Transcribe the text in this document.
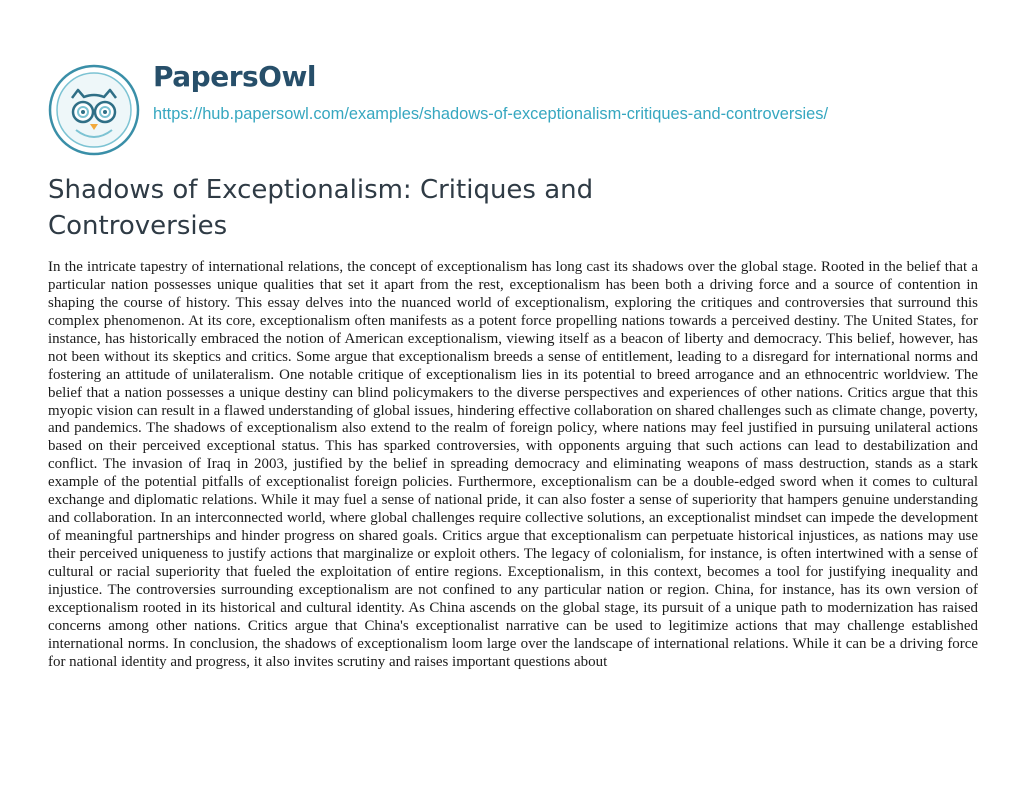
PapersOwl
https://hub.papersowl.com/examples/shadows-of-exceptionalism-critiques-and-controversies/
Shadows of Exceptionalism: Critiques and Controversies

In the intricate tapestry of international relations, the concept of exceptionalism has long cast its shadows over the global stage. Rooted in the belief that a particular nation possesses unique qualities that set it apart from the rest, exceptionalism has been both a driving force and a source of contention in shaping the course of history. This essay delves into the nuanced world of exceptionalism, exploring the critiques and controversies that surround this complex phenomenon. At its core, exceptionalism often manifests as a potent force propelling nations towards a perceived destiny. The United States, for instance, has historically embraced the notion of American exceptionalism, viewing itself as a beacon of liberty and democracy. This belief, however, has not been without its skeptics and critics. Some argue that exceptionalism breeds a sense of entitlement, leading to a disregard for international norms and fostering an attitude of unilateralism. One notable critique of exceptionalism lies in its potential to breed arrogance and an ethnocentric worldview. The belief that a nation possesses a unique destiny can blind policymakers to the diverse perspectives and experiences of other nations. Critics argue that this myopic vision can result in a flawed understanding of global issues, hindering effective collaboration on shared challenges such as climate change, poverty, and pandemics. The shadows of exceptionalism also extend to the realm of foreign policy, where nations may feel justified in pursuing unilateral actions based on their perceived exceptional status. This has sparked controversies, with opponents arguing that such actions can lead to destabilization and conflict. The invasion of Iraq in 2003, justified by the belief in spreading democracy and eliminating weapons of mass destruction, stands as a stark example of the potential pitfalls of exceptionalist foreign policies. Furthermore, exceptionalism can be a double-edged sword when it comes to cultural exchange and diplomatic relations. While it may fuel a sense of national pride, it can also foster a sense of superiority that hampers genuine understanding and collaboration. In an interconnected world, where global challenges require collective solutions, an exceptionalist mindset can impede the development of meaningful partnerships and hinder progress on shared goals. Critics argue that exceptionalism can perpetuate historical injustices, as nations may use their perceived uniqueness to justify actions that marginalize or exploit others. The legacy of colonialism, for instance, is often intertwined with a sense of cultural or racial superiority that fueled the exploitation of entire regions. Exceptionalism, in this context, becomes a tool for justifying inequality and injustice. The controversies surrounding exceptionalism are not confined to any particular nation or region. China, for instance, has its own version of exceptionalism rooted in its historical and cultural identity. As China ascends on the global stage, its pursuit of a unique path to modernization has raised concerns among other nations. Critics argue that China's exceptionalist narrative can be used to legitimize actions that may challenge established international norms. In conclusion, the shadows of exceptionalism loom large over the landscape of international relations. While it can be a driving force for national identity and progress, it also invites scrutiny and raises important questions about
